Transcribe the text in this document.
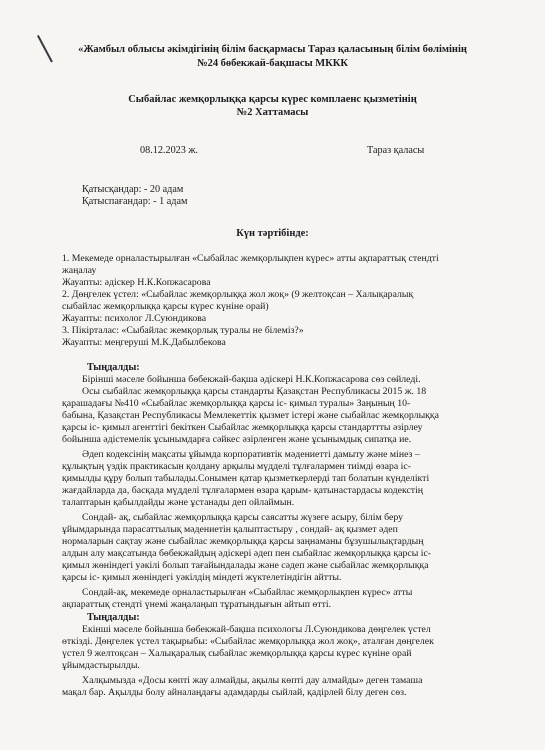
«Жамбыл облысы әкімдігінің білім басқармасы Тараз қаласының білім бөлімінің

№24 бөбекжай-бақшасы МККК

Сыбайлас жемқорлыққа қарсы күрес комплаенс қызметінің

№2 Хаттамасы

08.12.2023 ж.	Тараз қаласы

Қатысқандар: - 20 адам

Қатыспағандар: - 1 адам

Күн тәртібінде:

1. Мекемеде орналастырылған «Сыбайлас жемқорлықпен күрес» атты ақпараттық стендті

жаңалау

Жауапты: әдіскер Н.К.Копжасарова

2. Дөңгелек үстел: «Сыбайлас жемқорлыққа жол жоқ» (9 желтоқсан – Халықаралық

сыбайлас жемқорлыққа қарсы күрес күніне орай)

Жауапты: психолог Л.Суюндикова

3. Пікірталас: «Сыбайлас жемқорлық туралы не білеміз?»

Жауапты: меңгеруші М.К.Дабылбекова

Тыңдалды:

Бірінші мәселе бойынша бөбекжай-бақша әдіскері Н.К.Копжасарова сөз сөйледі.

Осы сыбайлас жемқорлыққа қарсы стандарты Қазақстан Республикасы 2015 ж. 18

қарашадағы №410 «Сыбайлас жемқорлыққа қарсы іс- қимыл туралы» Заңының 10-

бабына, Қазақстан Республикасы Мемлекеттік қызмет істері және сыбайлас жемқорлыққа

қарсы іс- қимыл агенттігі бекіткен Сыбайлас жемқорлыққа қарсы стандарттты әзірлеу

бойынша әдістемелік ұсынымдарға сәйкес әзірленген және ұсынымдық сипатқа ие.

Әдеп кодексінің мақсаты ұйымда корпоративтік мәдениетті дамыту және мінез –

құлықтың үздік практикасын қолдану арқылы мүдделі тұлғалармен тиімді өзара іс-

қимылды құру болып табылады.Сонымен қатар қызметкерлерді тап болатын күнделікті

жағдайларда да, басқада мүдделі тұлғалармен өзара қарым- қатынастардасы кодекстің

талаптарын қабылдайды және ұстанады деп ойлаймын.

Сондай- ақ, сыбайлас жемқорлыққа қарсы саясатты жүзеге асыру, білім беру

ұйымдарында парасаттылық мәдениетін қалыптастыру , сондай- ақ қызмет әдеп

нормаларын сақтау және сыбайлас жемқорлыққа қарсы заңнаманы бұзушылықтардың

алдын алу мақсатында бөбекжайдың әдіскері әдеп пен сыбайлас жемқорлыққа қарсы іс-

қимыл жөніндегі уәкілі болып тағайындалады және сәдеп және сыбайлас жемқорлыққа

қарсы іс- қимыл жөніндегі уәкілдің міндеті жүктелетіндігін айтты.

Сондай-ақ, мекемеде орналастырылған «Сыбайлас жемқорлықпен күрес» атты

ақпараттық стендті үнемі жаңалаңып тұратындығын айтып өтті.

Тыңдалды:

Екінші мәселе бойынша бөбекжай-бақша психологы Л.Суюндикова дөңгелек үстел

өткізді. Дөңгелек үстел тақырыбы: «Сыбайлас жемқорлыққа жол жоқ», аталған дөңгелек

үстел 9 желтоқсан – Халықаралық сыбайлас жемқорлыққа қарсы күрес күніне орай

ұйымдастырылды.

Халқымызда «Досы көпті жау алмайды, ақылы көпті дау алмайды» деген тамаша

мақал бар. Ақылды болу айналаңдағы адамдарды сыйлай, қадірлей білу деген сөз.
